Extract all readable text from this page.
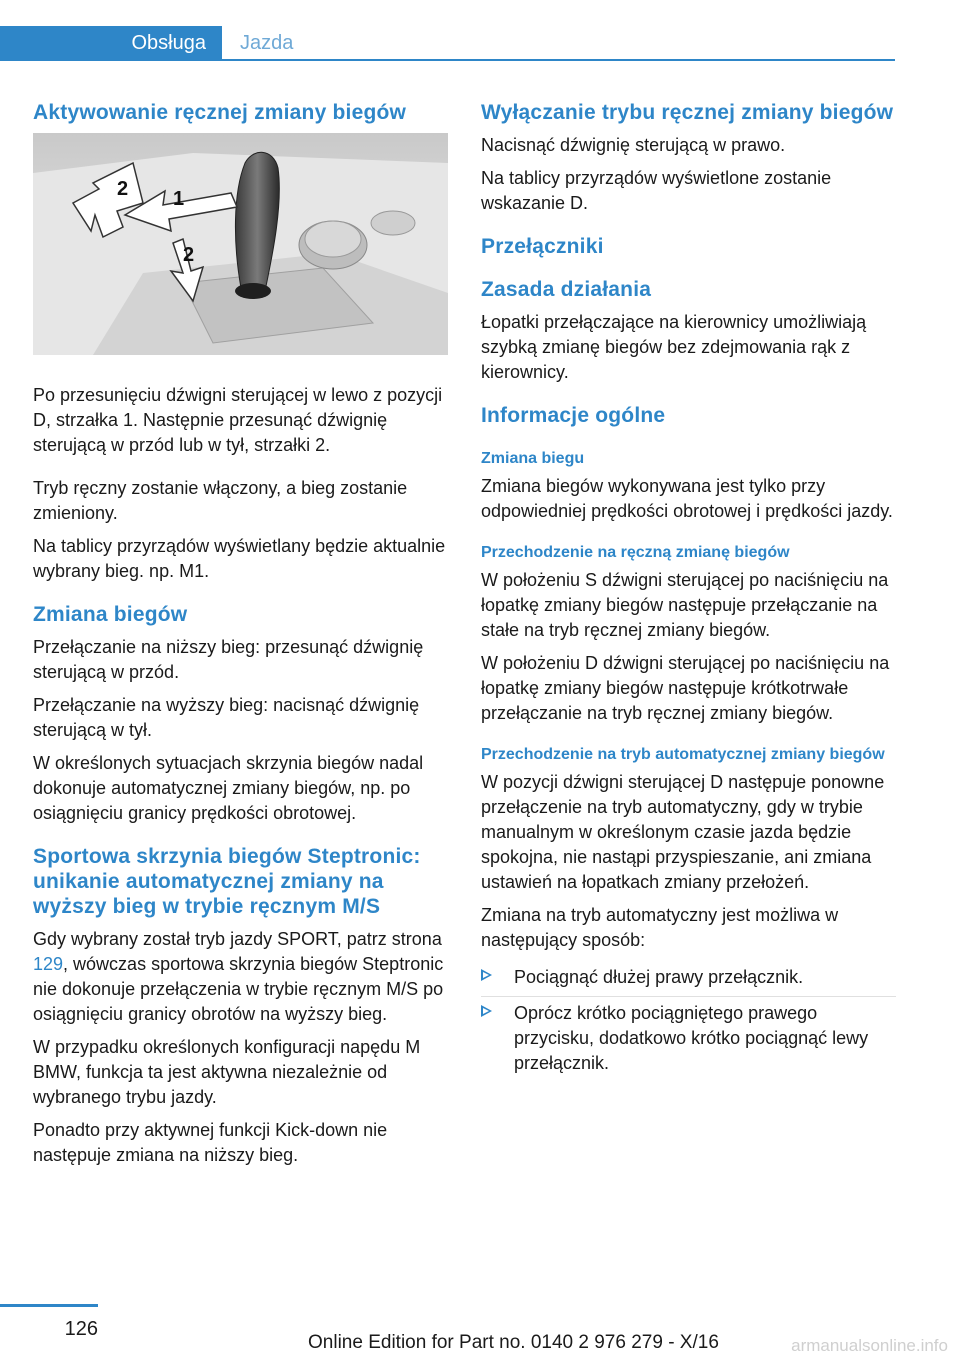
Obsługa Jazda
Aktywowanie ręcznej zmiany biegów
2 1
2

Po przesunięciu dźwigni sterującej w lewo z pozycji D, strzałka 1. Następnie przesunąć dźwignię sterującą w przód lub w tył, strzałki 2.

Tryb ręczny zostanie włączony, a bieg zostanie zmieniony.

Na tablicy przyrządów wyświetlany będzie aktualnie wybrany bieg. np. M1.

Zmiana biegów

Przełączanie na niższy bieg: przesunąć dźwignię sterującą w przód.

Przełączanie na wyższy bieg: nacisnąć dźwignię sterującą w tył.

W określonych sytuacjach skrzynia biegów nadal dokonuje automatycznej zmiany biegów, np. po osiągnięciu granicy prędkości obrotowej.

Sportowa skrzynia biegów Steptronic: unikanie automatycznej zmiany na wyższy bieg w trybie ręcznym M/S

Gdy wybrany został tryb jazdy SPORT, patrz strona 129, wówczas sportowa skrzynia biegów Steptronic nie dokonuje przełączenia w trybie ręcznym M/S po osiągnięciu granicy obrotów na wyższy bieg.

W przypadku określonych konfiguracji napędu M BMW, funkcja ta jest aktywna niezależnie od wybranego trybu jazdy.

Ponadto przy aktywnej funkcji Kick-down nie następuje zmiana na niższy bieg.

Wyłączanie trybu ręcznej zmiany biegów

Nacisnąć dźwignię sterującą w prawo.

Na tablicy przyrządów wyświetlone zostanie wskazanie D.

Przełączniki
Zasada działania

Łopatki przełączające na kierownicy umożliwiają szybką zmianę biegów bez zdejmowania rąk z kierownicy.

Informacje ogólne
Zmiana biegu

Zmiana biegów wykonywana jest tylko przy odpowiedniej prędkości obrotowej i prędkości jazdy.

Przechodzenie na ręczną zmianę biegów

W położeniu S dźwigni sterującej po naciśnięciu na łopatkę zmiany biegów następuje przełączanie na stałe na tryb ręcznej zmiany biegów.

W położeniu D dźwigni sterującej po naciśnięciu na łopatkę zmiany biegów następuje krótkotrwałe przełączanie na tryb ręcznej zmiany biegów.

Przechodzenie na tryb automatycznej zmiany biegów

W pozycji dźwigni sterującej D następuje ponowne przełączenie na tryb automatyczny, gdy w trybie manualnym w określonym czasie jazda będzie spokojna, nie nastąpi przyspieszanie, ani zmiana ustawień na łopatkach zmiany przełożeń.

Zmiana na tryb automatyczny jest możliwa w następujący sposób:

Pociągnąć dłużej prawy przełącznik.
Oprócz krótko pociągniętego prawego przycisku, dodatkowo krótko pociągnąć lewy przełącznik.
126
Online Edition for Part no. 0140 2 976 279 - X/16	armanualsonline.info
